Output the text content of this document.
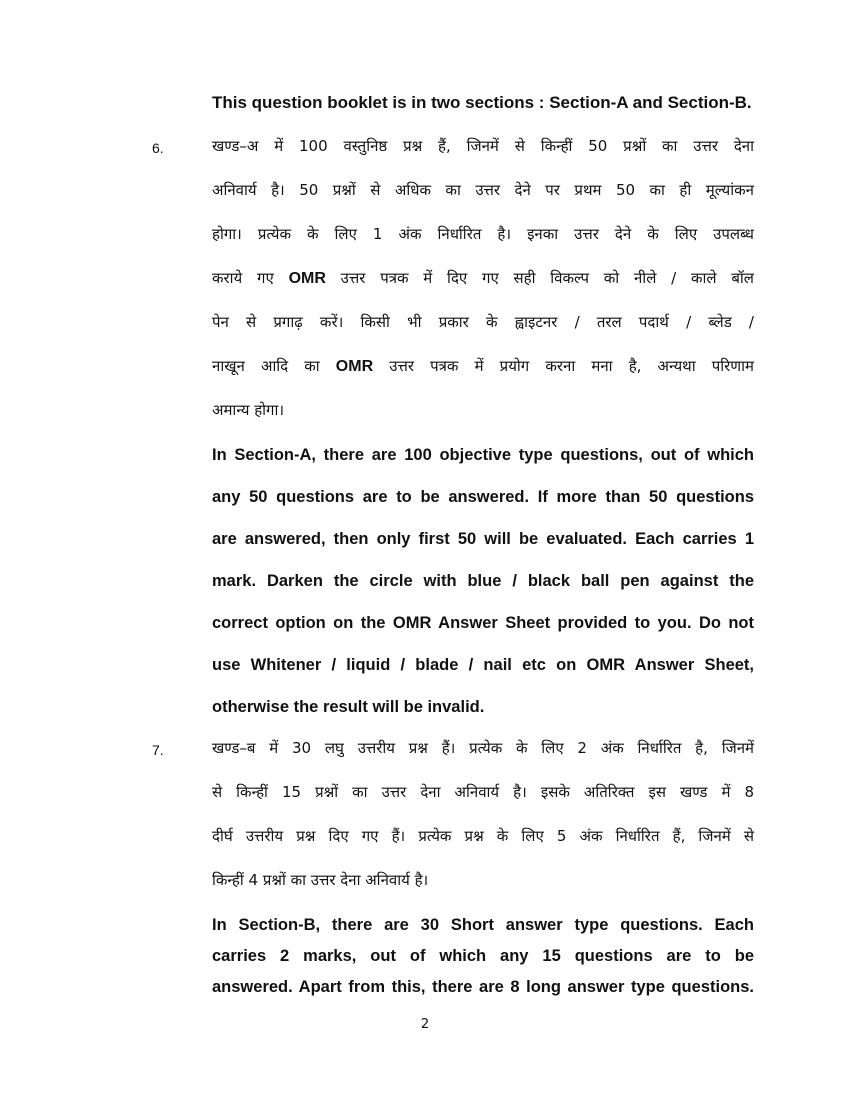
This question booklet is in two sections : Section-A and Section-B.
6.	खण्ड–अ में 100 वस्तुनिष्ठ प्रश्न हैं, जिनमें से किन्हीं 50 प्रश्नों का उत्तर देना
अनिवार्य है। 50 प्रश्नों से अधिक का उत्तर देने पर प्रथम 50 का ही मूल्यांकन
होगा। प्रत्येक के लिए 1 अंक निर्धारित है। इनका उत्तर देने के लिए उपलब्ध
कराये गए OMR उत्तर पत्रक में दिए गए सही विकल्प को नीले / काले बॉल
पेन से प्रगाढ़ करें। किसी भी प्रकार के ह्वाइटनर / तरल पदार्थ / ब्लेड /
नाखून आदि का OMR उत्तर पत्रक में प्रयोग करना मना है, अन्यथा परिणाम
अमान्य होगा।
In Section-A, there are 100 objective type questions, out of which
any 50 questions are to be answered. If more than 50 questions
are answered, then only first 50 will be evaluated. Each carries 1
mark. Darken the circle with blue / black ball pen against the
correct option on the OMR Answer Sheet provided to you. Do not
use Whitener / liquid / blade / nail etc on OMR Answer Sheet,
otherwise the result will be invalid.
7.	खण्ड–ब में 30 लघु उत्तरीय प्रश्न हैं। प्रत्येक के लिए 2 अंक निर्धारित है, जिनमें
से किन्हीं 15 प्रश्नों का उत्तर देना अनिवार्य है। इसके अतिरिक्त इस खण्ड में 8
दीर्घ उत्तरीय प्रश्न दिए गए हैं। प्रत्येक प्रश्न के लिए 5 अंक निर्धारित हैं, जिनमें से
किन्हीं 4 प्रश्नों का उत्तर देना अनिवार्य है।
In Section-B, there are 30 Short answer type questions. Each
carries 2 marks, out of which any 15 questions are to be
answered. Apart from this, there are 8 long answer type questions.
2
